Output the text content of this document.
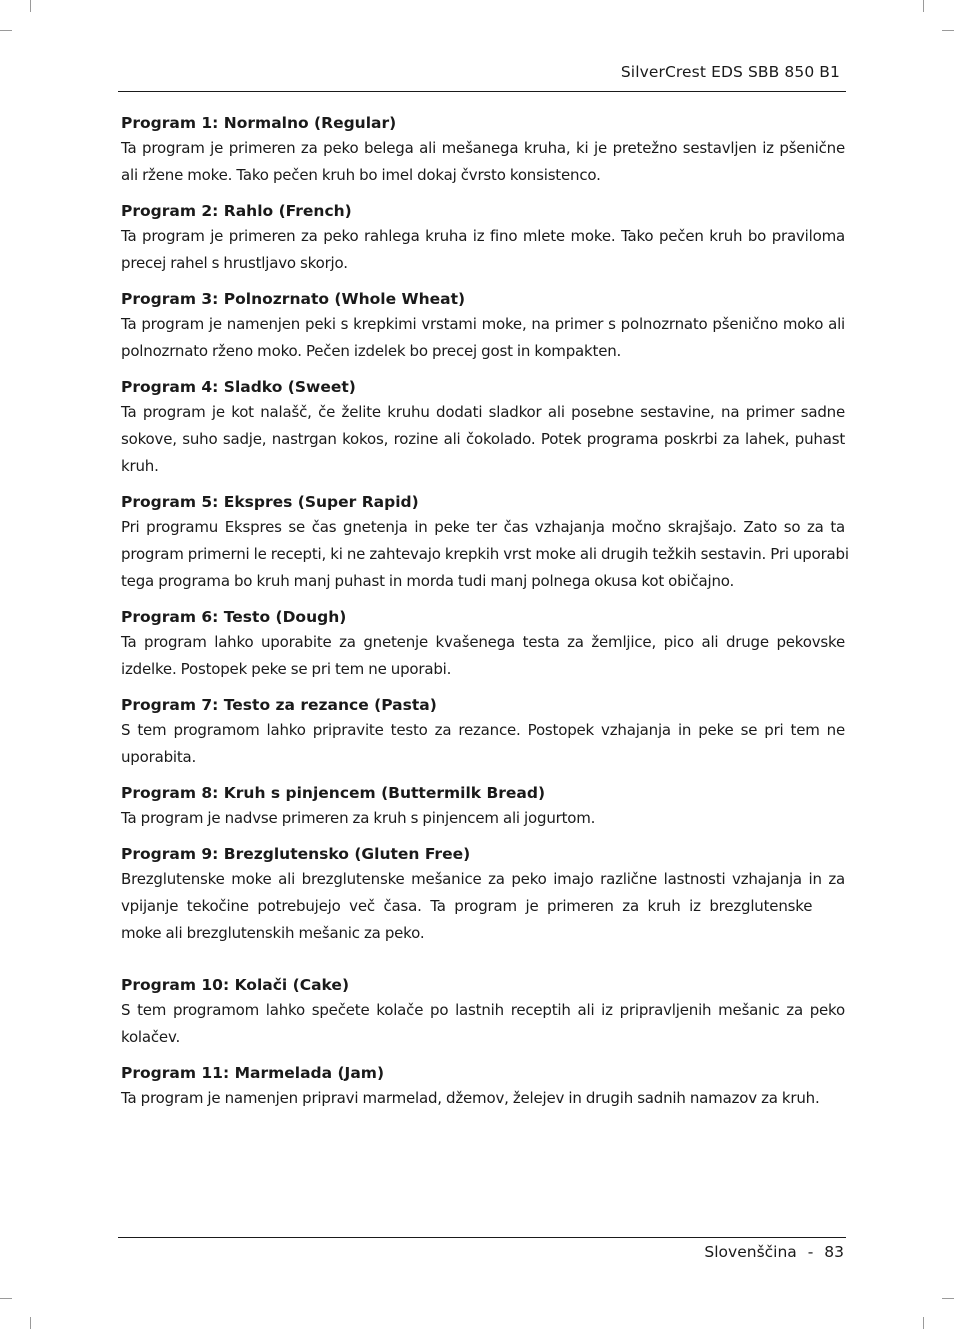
SilverCrest EDS SBB 850 B1
Program 1: Normalno (Regular)
Ta program je primeren za peko belega ali mešanega kruha, ki je pretežno sestavljen iz pšenične
ali ržene moke. Tako pečen kruh bo imel dokaj čvrsto konsistenco.
Program 2: Rahlo (French)
Ta program je primeren za peko rahlega kruha iz fino mlete moke. Tako pečen kruh bo praviloma
precej rahel s hrustljavo skorjo.
Program 3: Polnozrnato (Whole Wheat)
Ta program je namenjen peki s krepkimi vrstami moke, na primer s polnozrnato pšenično moko ali
polnozrnato rženo moko. Pečen izdelek bo precej gost in kompakten.
Program 4: Sladko (Sweet)
Ta program je kot nalašč, če želite kruhu dodati sladkor ali posebne sestavine, na primer sadne
sokove, suho sadje, nastrgan kokos, rozine ali čokolado. Potek programa poskrbi za lahek, puhast
kruh.
Program 5: Ekspres (Super Rapid)
Pri programu Ekspres se čas gnetenja in peke ter čas vzhajanja močno skrajšajo. Zato so za ta
program primerni le recepti, ki ne zahtevajo krepkih vrst moke ali drugih težkih sestavin. Pri uporabi
tega programa bo kruh manj puhast in morda tudi manj polnega okusa kot običajno.
Program 6: Testo (Dough)
Ta program lahko uporabite za gnetenje kvašenega testa za žemljice, pico ali druge pekovske
izdelke. Postopek peke se pri tem ne uporabi.
Program 7: Testo za rezance (Pasta)
S tem programom lahko pripravite testo za rezance. Postopek vzhajanja in peke se pri tem ne
uporabita.
Program 8: Kruh s pinjencem (Buttermilk Bread)
Ta program je nadvse primeren za kruh s pinjencem ali jogurtom.
Program 9: Brezglutensko (Gluten Free)
Brezglutenske moke ali brezglutenske mešanice za peko imajo različne lastnosti vzhajanja in za
vpijanje tekočine potrebujejo več časa. Ta program je primeren za kruh iz brezglutenske
moke ali brezglutenskih mešanic za peko.
Program 10: Kolači (Cake)
S tem programom lahko spečete kolače po lastnih receptih ali iz pripravljenih mešanic za peko
kolačev.
Program 11: Marmelada (Jam)
Ta program je namenjen pripravi marmelad, džemov, želejev in drugih sadnih namazov za kruh.
Slovenščina - 83
